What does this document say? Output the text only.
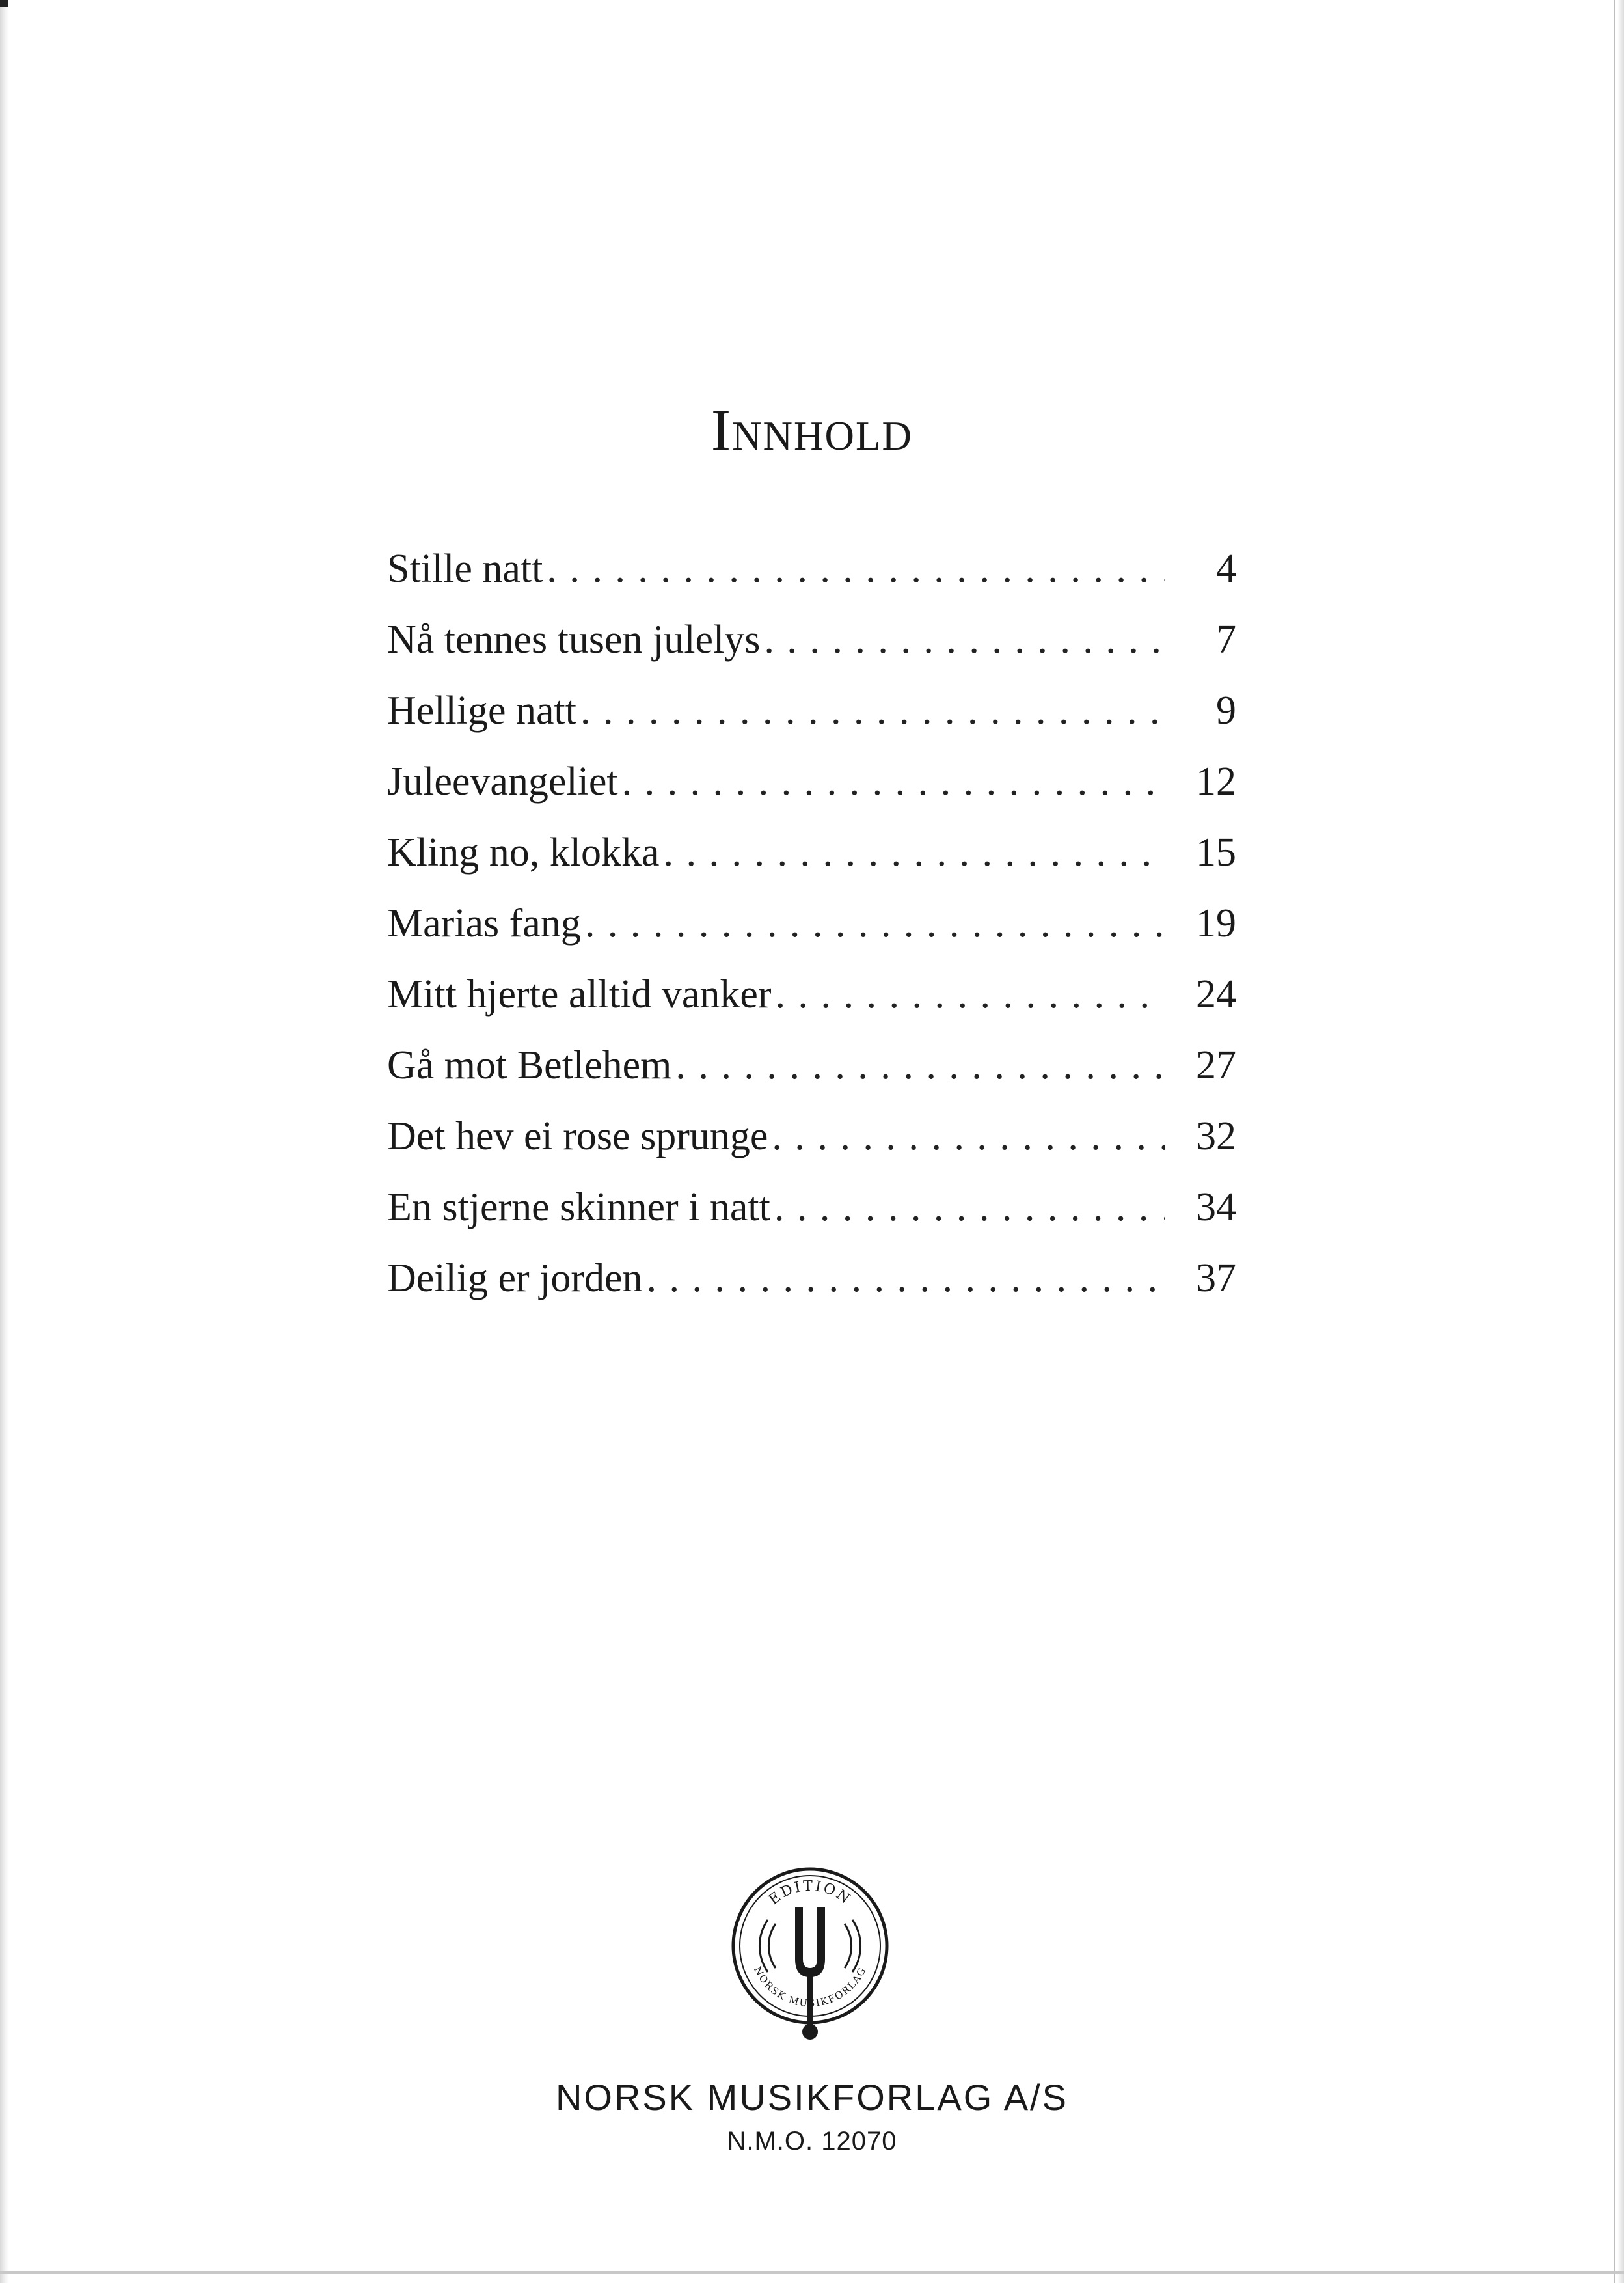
Innhold
Stille natt . . .	4
Nå tennes tusen julelys . . .	7
Hellige natt . . .	9
Juleevangeliet . . .	12
Kling no, klokka . . .	15
Marias fang . . .	19
Mitt hjerte alltid vanker . . .	24
Gå mot Betlehem . . .	27
Det hev ei rose sprunge . . .	32
En stjerne skinner i natt . . .	34
Deilig er jorden . . .	37
EDITION
NORSK MUSIKFORLAG
NORSK MUSIKFORLAG A/S
N.M.O. 12070
